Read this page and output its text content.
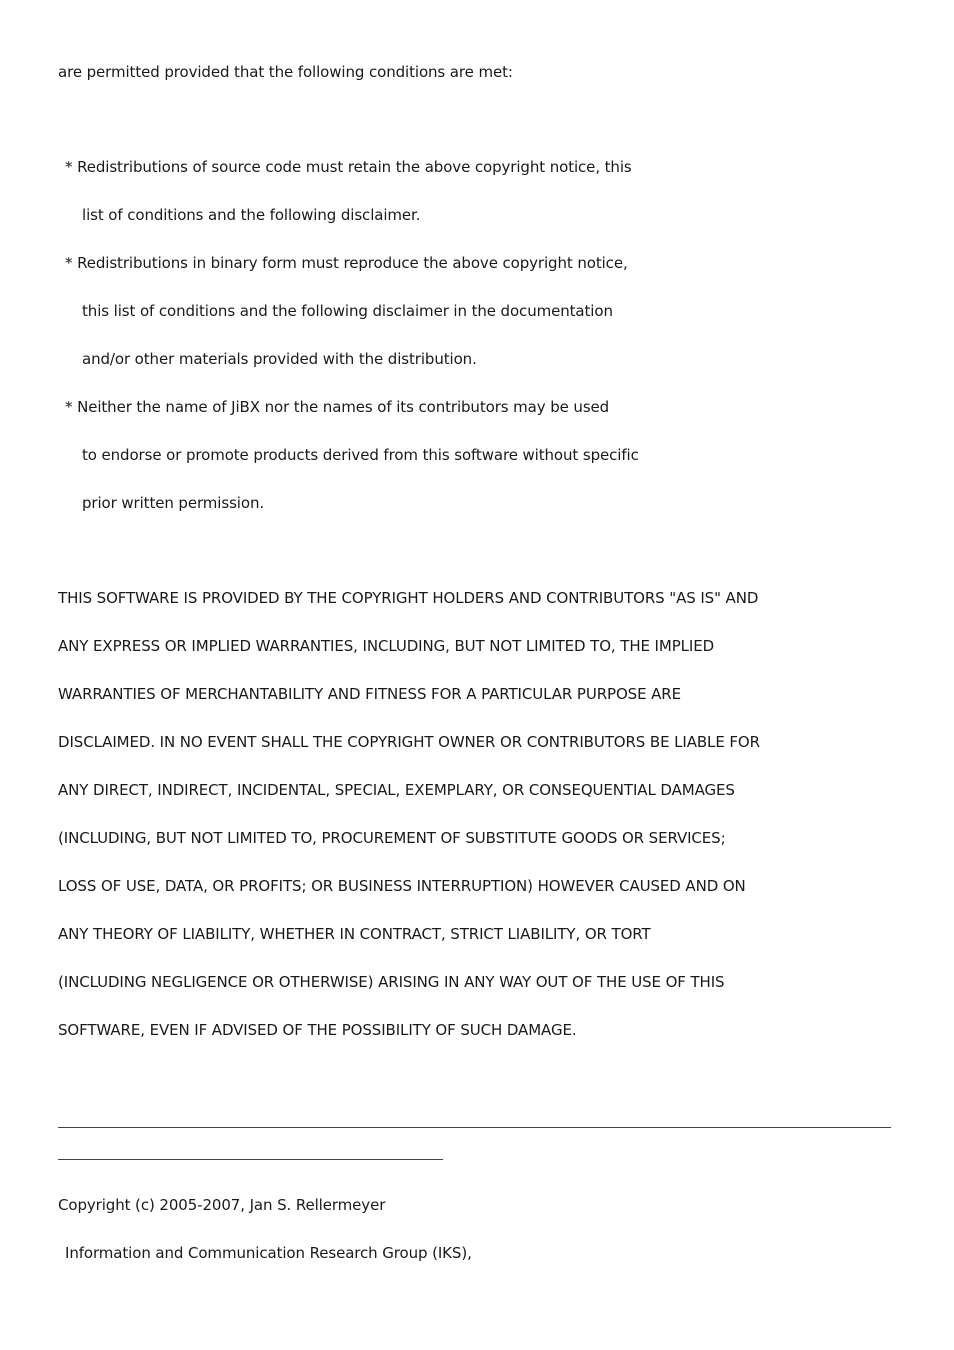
are permitted provided that the following conditions are met:
* Redistributions of source code must retain the above copyright notice, this
list of conditions and the following disclaimer.
* Redistributions in binary form must reproduce the above copyright notice,
this list of conditions and the following disclaimer in the documentation
and/or other materials provided with the distribution.
* Neither the name of JiBX nor the names of its contributors may be used
to endorse or promote products derived from this software without specific
prior written permission.
THIS SOFTWARE IS PROVIDED BY THE COPYRIGHT HOLDERS AND CONTRIBUTORS "AS IS" AND
ANY EXPRESS OR IMPLIED WARRANTIES, INCLUDING, BUT NOT LIMITED TO, THE IMPLIED
WARRANTIES OF MERCHANTABILITY AND FITNESS FOR A PARTICULAR PURPOSE ARE
DISCLAIMED. IN NO EVENT SHALL THE COPYRIGHT OWNER OR CONTRIBUTORS BE LIABLE FOR
ANY DIRECT, INDIRECT, INCIDENTAL, SPECIAL, EXEMPLARY, OR CONSEQUENTIAL DAMAGES
(INCLUDING, BUT NOT LIMITED TO, PROCUREMENT OF SUBSTITUTE GOODS OR SERVICES;
LOSS OF USE, DATA, OR PROFITS; OR BUSINESS INTERRUPTION) HOWEVER CAUSED AND ON
ANY THEORY OF LIABILITY, WHETHER IN CONTRACT, STRICT LIABILITY, OR TORT
(INCLUDING NEGLIGENCE OR OTHERWISE) ARISING IN ANY WAY OUT OF THE USE OF THIS
SOFTWARE, EVEN IF ADVISED OF THE POSSIBILITY OF SUCH DAMAGE.
Copyright (c) 2005-2007, Jan S. Rellermeyer
Information and Communication Research Group (IKS),
